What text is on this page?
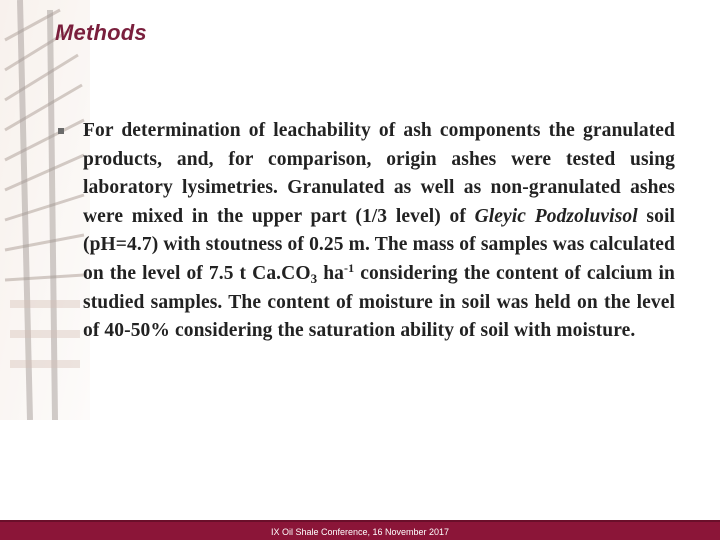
Methods
For determination of leachability of ash components the granulated products, and, for comparison, origin ashes were tested using laboratory lysimetries. Granulated as well as non-granulated ashes were mixed in the upper part (1/3 level) of Gleyic Podzoluvisol soil (pH=4.7) with stoutness of 0.25 m. The mass of samples was calculated on the level of 7.5 t $Ca.CO_3$ $ha^{-1}$ considering the content of calcium in studied samples. The content of moisture in soil was held on the level of 40-50% considering the saturation ability of soil with moisture.
IX Oil Shale Conference, 16 November 2017
